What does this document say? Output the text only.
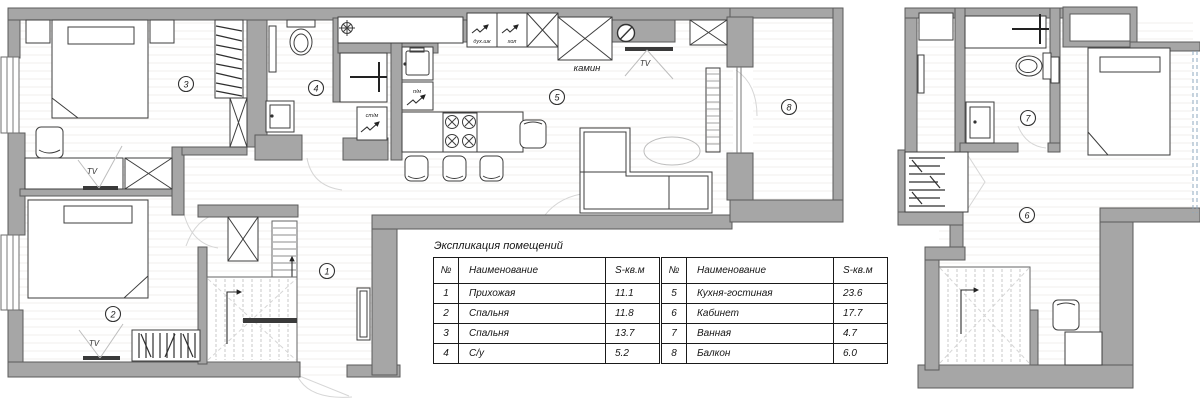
ст/м
дух.шк	хол
камин
п/м
1
2
3	4
5
6
7
8
TV
TV
TV
Экспликация помещений
№	Наименование	S-кв.м
1	Прихожая	11.1
2	Спальня	11.8
3	Спальня	13.7
4	С/у	5.2
№	Наименование	S-кв.м
5	Кухня-гостиная	23.6
6	Кабинет	17.7
7	Ванная	4.7
8	Балкон	6.0
